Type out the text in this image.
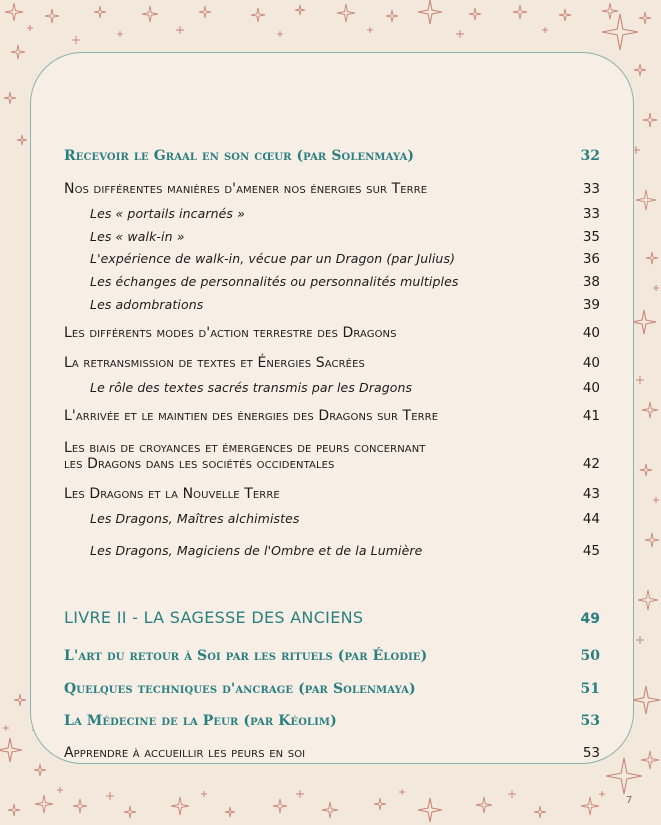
Recevoir le Graal en son cœur (par Solenmaya)	32
Nos différentes manières d'amener nos énergies sur Terre	33
Les « portails incarnés »	33
Les « walk-in »	35
L'expérience de walk-in, vécue par un Dragon (par Julius)	36
Les échanges de personnalités ou personnalités multiples	38
Les adombrations	39
Les différents modes d'action terrestre des Dragons	40
La retransmission de textes et Énergies Sacrées	40
Le rôle des textes sacrés transmis par les Dragons	40
L'arrivée et le maintien des énergies des Dragons sur Terre	41
Les biais de croyances et émergences de peurs concernant
les Dragons dans les sociétés occidentales	42
Les Dragons et la Nouvelle Terre	43
Les Dragons, Maîtres alchimistes	44
Les Dragons, Magiciens de l'Ombre et de la Lumière	45
LIVRE II - LA SAGESSE DES ANCIENS	49
L'art du retour à Soi par les rituels (par Élodie)	50
Quelques techniques d'ancrage (par Solenmaya)	51
La Médecine de la Peur (par Kéolim)	53
Apprendre à accueillir les peurs en soi	53
7
